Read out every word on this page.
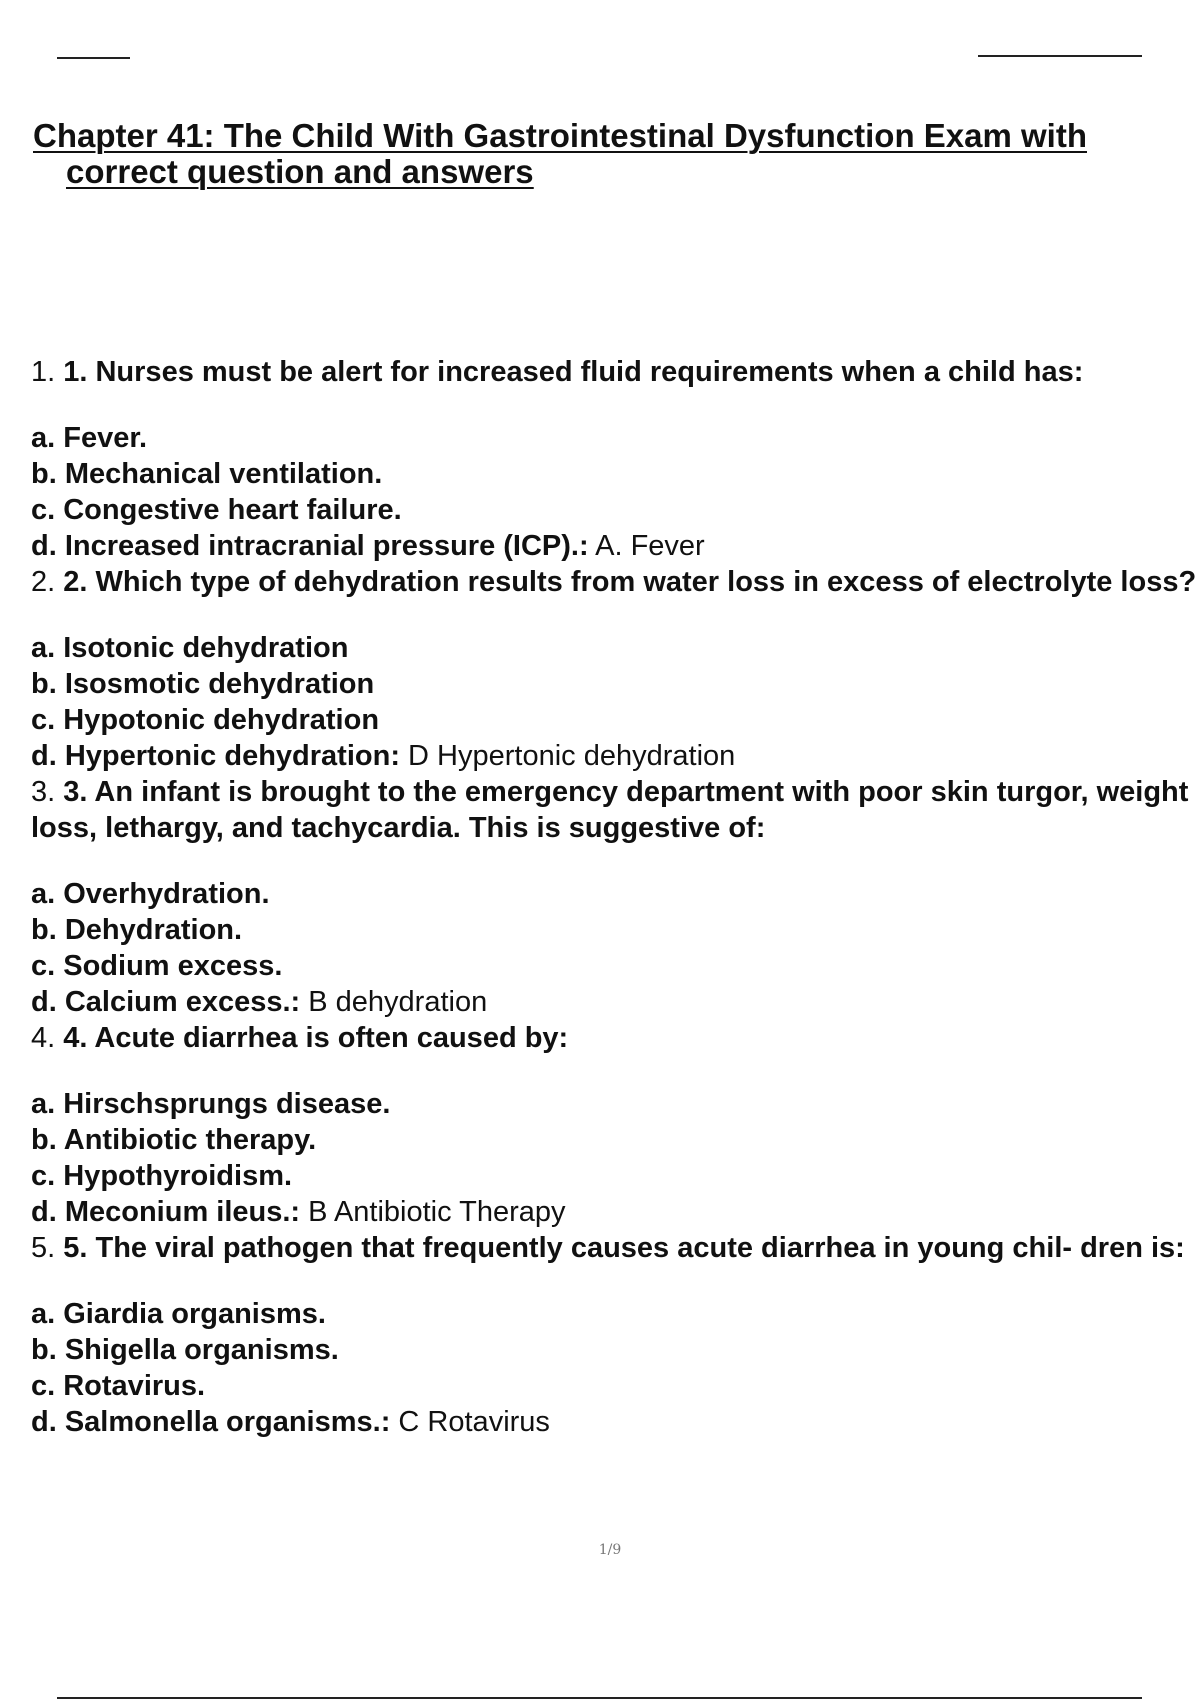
Chapter 41: The Child With Gastrointestinal Dysfunction Exam with
correct question and answers
1. 1. Nurses must be alert for increased fluid requirements when a child has:
a. Fever.
b. Mechanical ventilation.
c. Congestive heart failure.
d. Increased intracranial pressure (ICP).: A. Fever
2. 2. Which type of dehydration results from water loss in excess of electrolyte loss?
a. Isotonic dehydration
b. Isosmotic dehydration
c. Hypotonic dehydration
d. Hypertonic dehydration: D Hypertonic dehydration
3. 3. An infant is brought to the emergency department with poor skin turgor, weight loss, lethargy, and tachycardia. This is suggestive of:
a. Overhydration.
b. Dehydration.
c. Sodium excess.
d. Calcium excess.: B dehydration
4. 4. Acute diarrhea is often caused by:
a. Hirschsprungs disease.
b. Antibiotic therapy.
c. Hypothyroidism.
d. Meconium ileus.: B Antibiotic Therapy
5. 5. The viral pathogen that frequently causes acute diarrhea in young chil- dren is:
a. Giardia organisms.
b. Shigella organisms.
c. Rotavirus.
d. Salmonella organisms.: C Rotavirus
1/9
